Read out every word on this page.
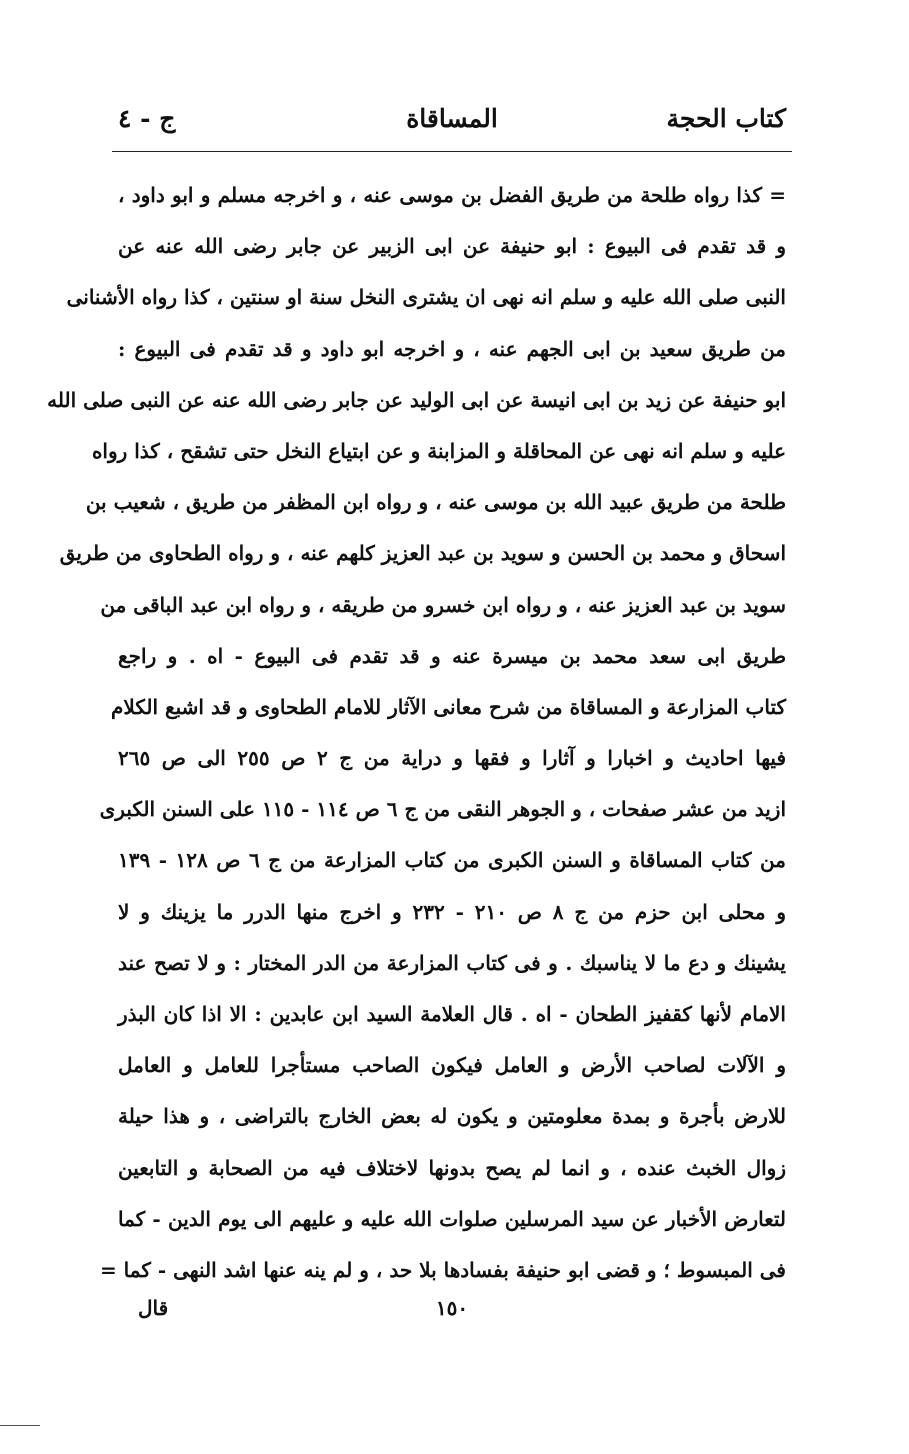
كتاب الحجة
المساقاة
ج - ٤
= كذا رواه طلحة من طريق الفضل بن موسى عنه ، و اخرجه مسلم و ابو داود ،
و قد تقدم فى البيوع : ابو حنيفة عن ابى الزبير عن جابر رضى الله عنه عن
النبى صلى الله عليه و سلم انه نهى ان يشترى النخل سنة او سنتين ، كذا رواه الأشنانى
من طريق سعيد بن ابى الجهم عنه ، و اخرجه ابو داود و قد تقدم فى البيوع :
ابو حنيفة عن زيد بن ابى انيسة عن ابى الوليد عن جابر رضى الله عنه عن النبى صلى الله
عليه و سلم انه نهى عن المحاقلة و المزابنة و عن ابتياع النخل حتى تشقح ، كذا رواه
طلحة من طريق عبيد الله بن موسى عنه ، و رواه ابن المظفر من طريق ، شعيب بن
اسحاق و محمد بن الحسن و سويد بن عبد العزيز كلهم عنه ، و رواه الطحاوى من طريق
سويد بن عبد العزيز عنه ، و رواه ابن خسرو من طريقه ، و رواه ابن عبد الباقى من
طريق ابى سعد محمد بن ميسرة عنه و قد تقدم فى البيوع - اه . و راجع
كتاب المزارعة و المساقاة من شرح معانى الآثار للامام الطحاوى و قد اشبع الكلام
فيها احاديث و اخبارا و آثارا و فقها و دراية من ج ٢ ص ٢٥٥ الى ص ٢٦٥
ازيد من عشر صفحات ، و الجوهر النقى من ج ٦ ص ١١٤ - ١١٥ على السنن الكبرى
من كتاب المساقاة و السنن الكبرى من كتاب المزارعة من ج ٦ ص ١٢٨ - ١٣٩
و محلى ابن حزم من ج ٨ ص ٢١٠ - ٢٣٢ و اخرج منها الدرر ما يزينك و لا
يشينك و دع ما لا يناسبك . و فى كتاب المزارعة من الدر المختار : و لا تصح عند
الامام لأنها كقفيز الطحان - اه . قال العلامة السيد ابن عابدين : الا اذا كان البذر
و الآلات لصاحب الأرض و العامل فيكون الصاحب مستأجرا للعامل و العامل
للارض بأجرة و بمدة معلومتين و يكون له بعض الخارج بالتراضى ، و هذا حيلة
زوال الخبث عنده ، و انما لم يصح بدونها لاختلاف فيه من الصحابة و التابعين
لتعارض الأخبار عن سيد المرسلين صلوات الله عليه و عليهم الى يوم الدين - كما
فى المبسوط ؛ و قضى ابو حنيفة بفسادها بلا حد ، و لم ينه عنها اشد النهى - كما =
١٥٠
قال
